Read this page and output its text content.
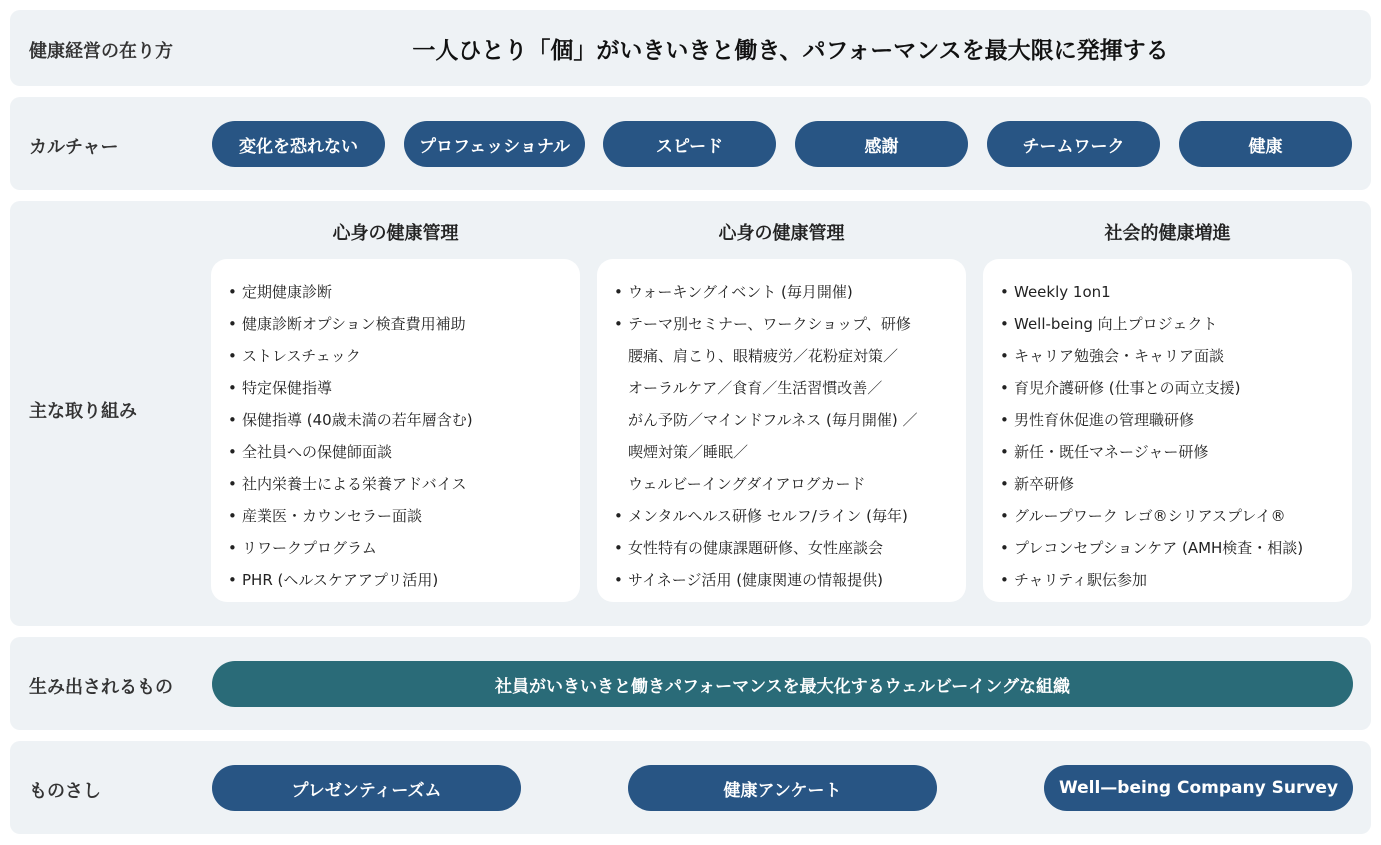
健康経営の在り方	一人ひとり「個」がいきいきと働き、パフォーマンスを最大限に発揮する
カルチャー	変化を恐れない	プロフェッショナル	スピード	感謝	チームワーク	健康
主な取り組み
心身の健康管理
• 定期健康診断
• 健康診断オプション検査費用補助
• ストレスチェック
• 特定保健指導
• 保健指導 (40歳未満の若年層含む)
• 全社員への保健師面談
• 社内栄養士による栄養アドバイス
• 産業医・カウンセラー面談
• リワークプログラム
• PHR (ヘルスケアアプリ活用)
心身の健康管理
• ウォーキングイベント (毎月開催)
• テーマ別セミナー、ワークショップ、研修
腰痛、肩こり、眼精疲労／花粉症対策／
オーラルケア／食育／生活習慣改善／
がん予防／マインドフルネス (毎月開催) ／
喫煙対策／睡眠／
ウェルビーイングダイアログカード
• メンタルヘルス研修 セルフ/ライン (毎年)
• 女性特有の健康課題研修、女性座談会
• サイネージ活用 (健康関連の情報提供)
社会的健康増進
• Weekly 1on1
• Well-being 向上プロジェクト
• キャリア勉強会・キャリア面談
• 育児介護研修 (仕事との両立支援)
• 男性育休促進の管理職研修
• 新任・既任マネージャー研修
• 新卒研修
• グループワーク レゴ®シリアスプレイ®
• プレコンセプションケア (AMH検査・相談)
• チャリティ駅伝参加
生み出されるもの	社員がいきいきと働きパフォーマンスを最大化するウェルビーイングな組織
ものさし	プレゼンティーズム	健康アンケート	Well—being Company Survey
